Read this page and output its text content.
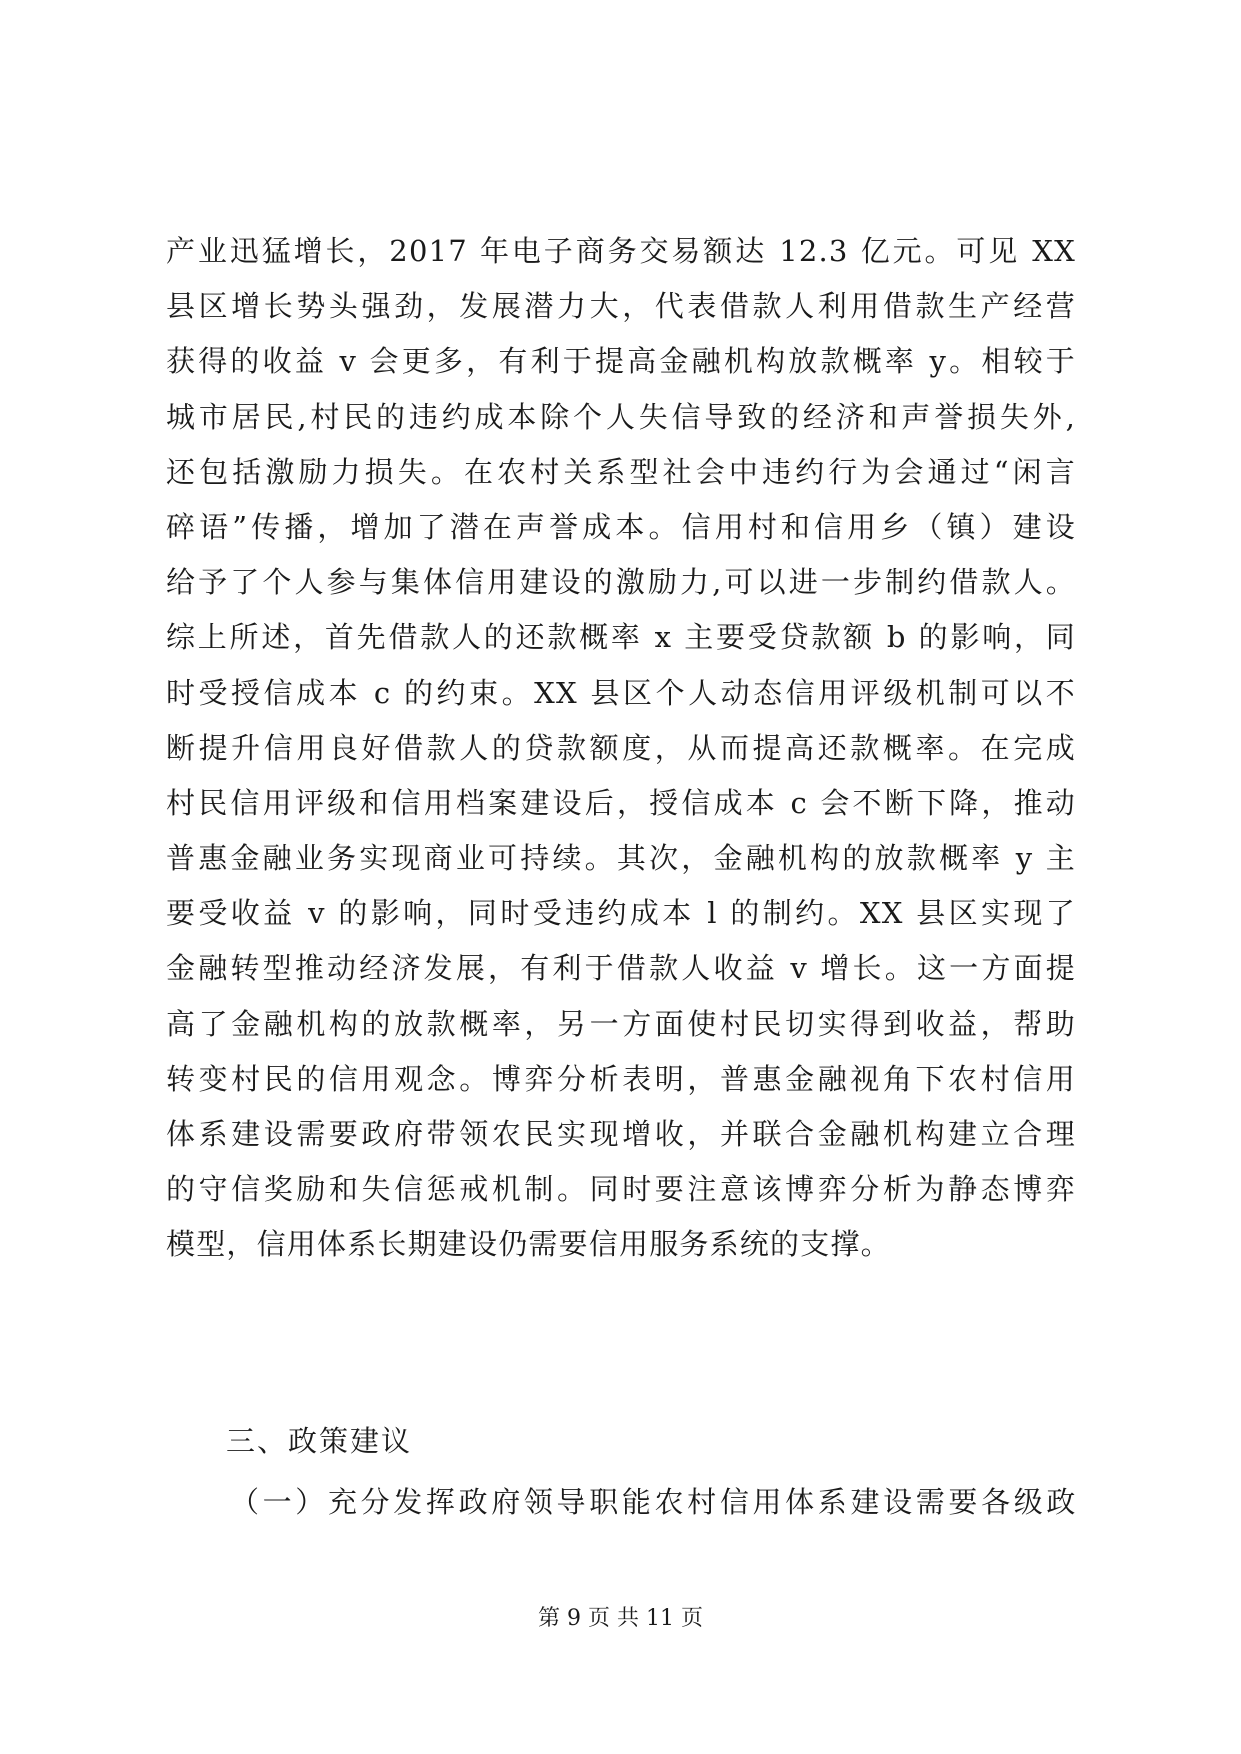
产业迅猛增长，2017 年电子商务交易额达 12.3 亿元。可见 XX
县区增长势头强劲，发展潜力大，代表借款人利用借款生产经营
获得的收益 v 会更多，有利于提高金融机构放款概率 y。相较于
城市居民,村民的违约成本除个人失信导致的经济和声誉损失外,
还包括激励力损失。在农村关系型社会中违约行为会通过“闲言
碎语”传播，增加了潜在声誉成本。信用村和信用乡（镇）建设
给予了个人参与集体信用建设的激励力,可以进一步制约借款人。
综上所述，首先借款人的还款概率 x 主要受贷款额 b 的影响，同
时受授信成本 c 的约束。XX 县区个人动态信用评级机制可以不
断提升信用良好借款人的贷款额度，从而提高还款概率。在完成
村民信用评级和信用档案建设后，授信成本 c 会不断下降，推动
普惠金融业务实现商业可持续。其次，金融机构的放款概率 y 主
要受收益 v 的影响，同时受违约成本 l 的制约。XX 县区实现了
金融转型推动经济发展，有利于借款人收益 v 增长。这一方面提
高了金融机构的放款概率，另一方面使村民切实得到收益，帮助
转变村民的信用观念。博弈分析表明，普惠金融视角下农村信用
体系建设需要政府带领农民实现增收，并联合金融机构建立合理
的守信奖励和失信惩戒机制。同时要注意该博弈分析为静态博弈
模型，信用体系长期建设仍需要信用服务系统的支撑。
三、政策建议
（一）充分发挥政府领导职能农村信用体系建设需要各级政
第 9 页 共 11 页
